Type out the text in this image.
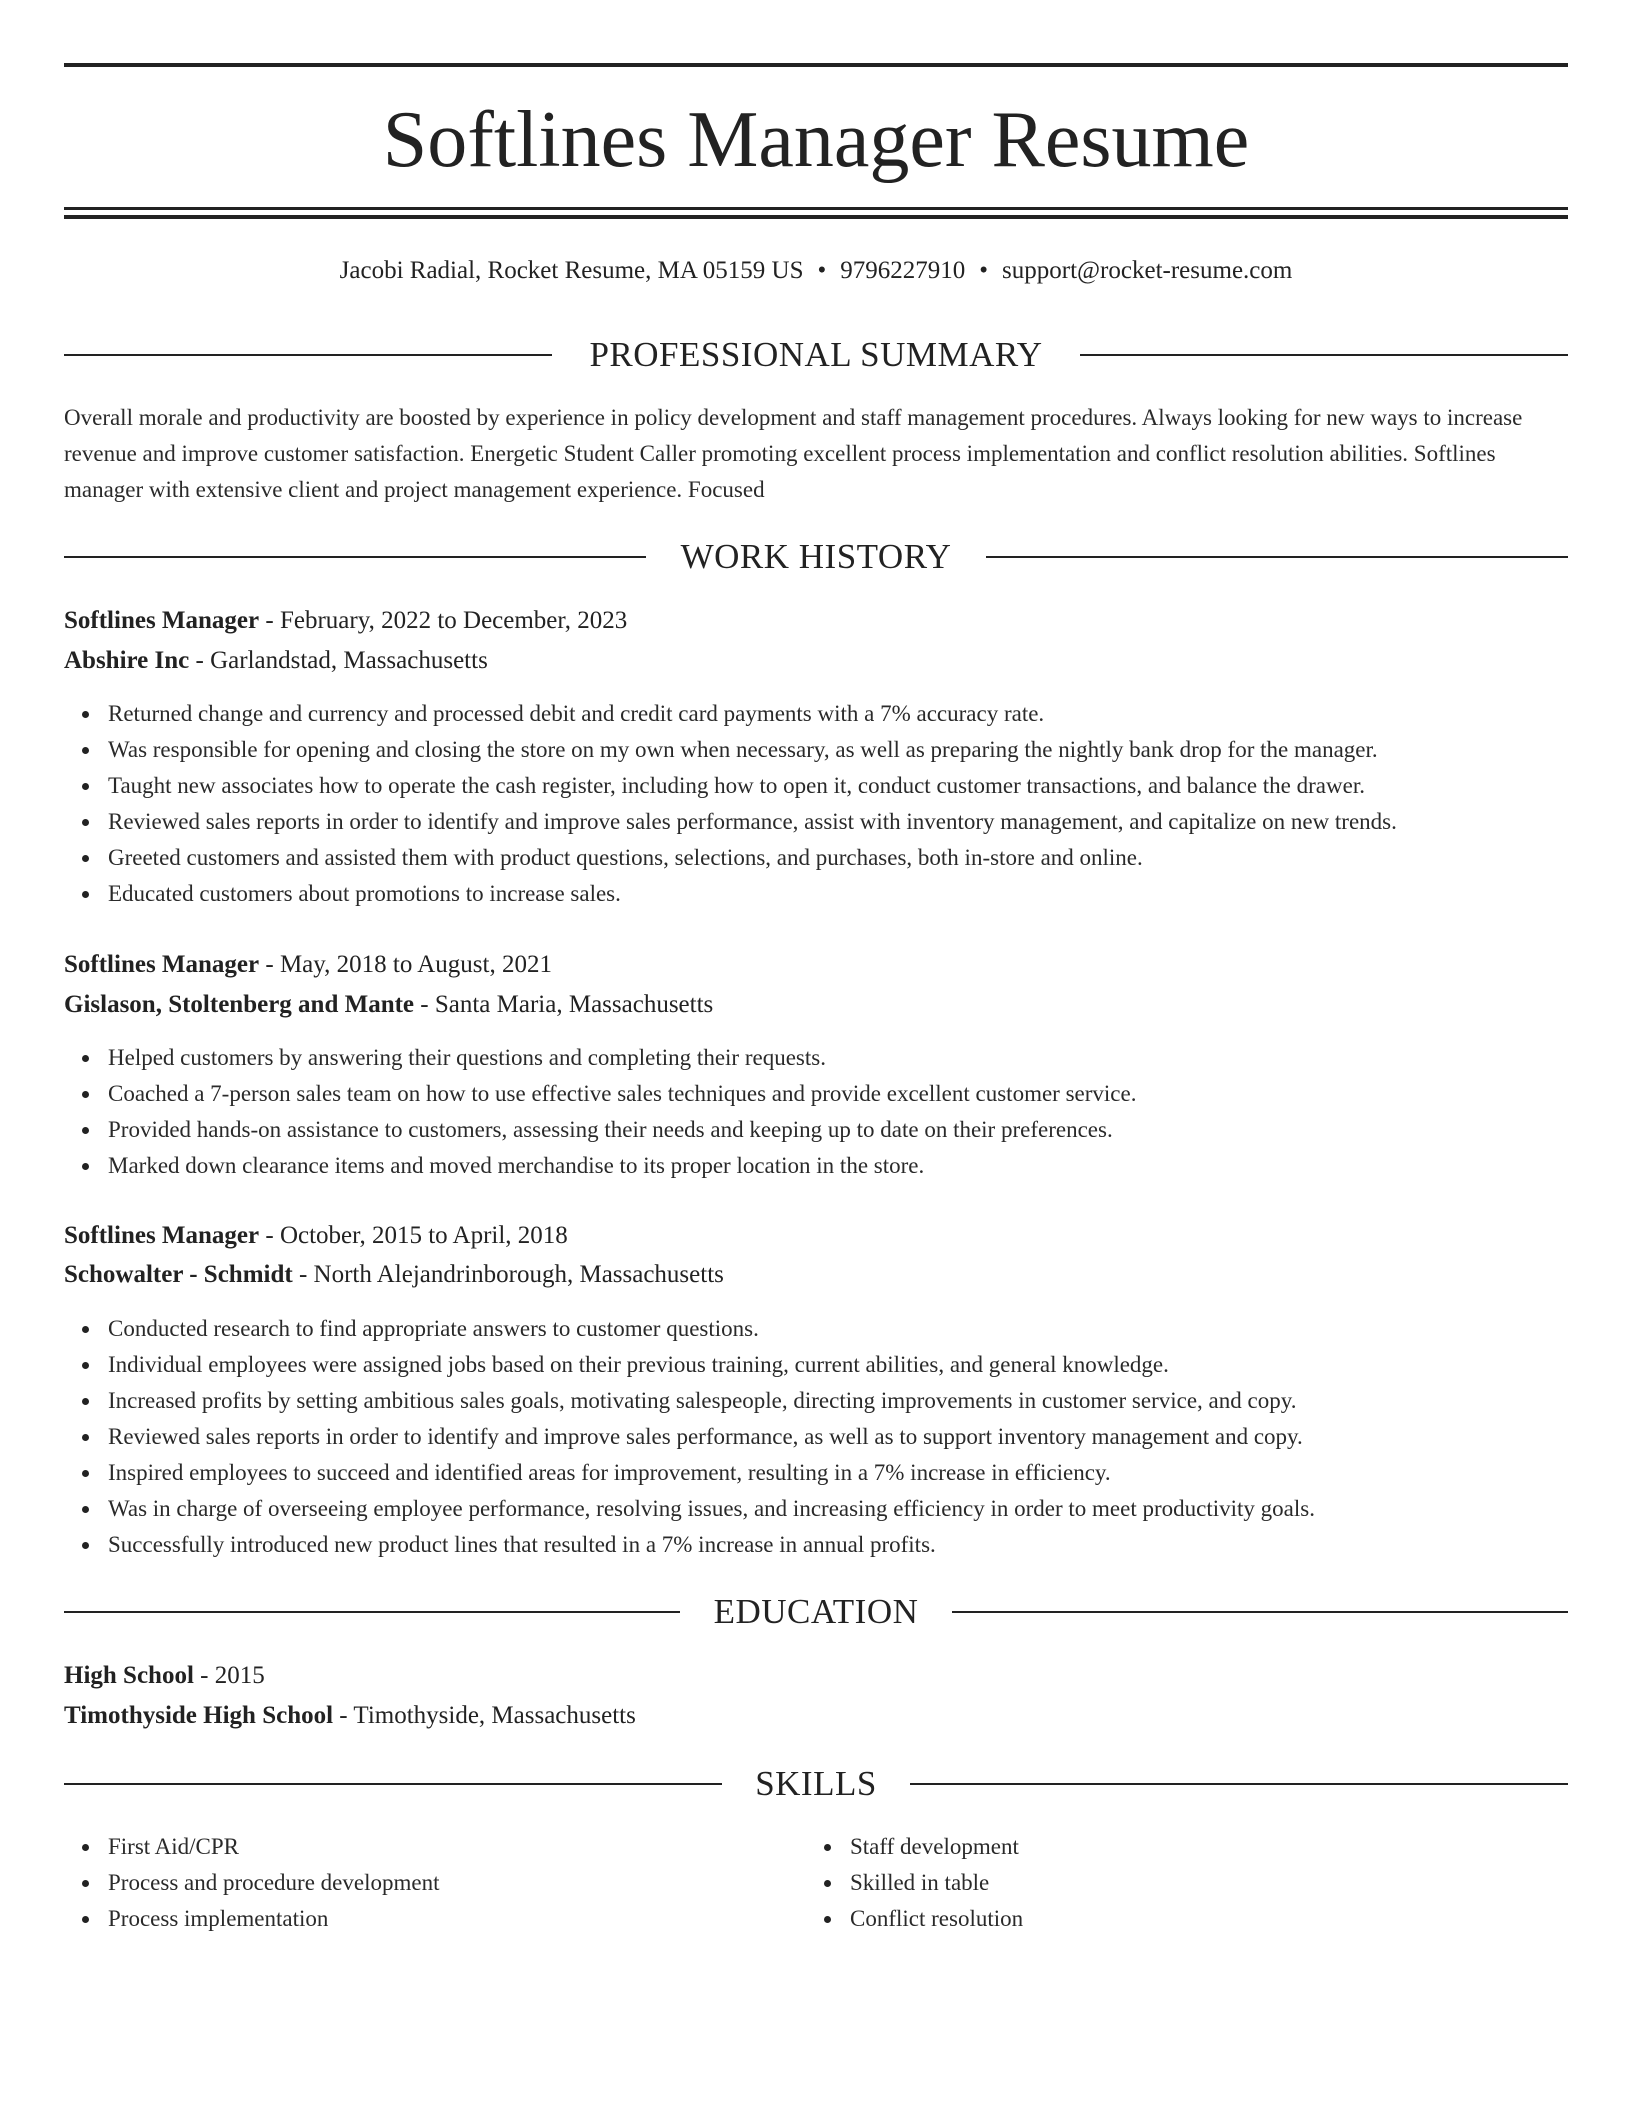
Softlines Manager Resume
Jacobi Radial, Rocket Resume, MA 05159 US • 9796227910 • support@rocket-resume.com
PROFESSIONAL SUMMARY
Overall morale and productivity are boosted by experience in policy development and staff management procedures. Always looking for new ways to increase revenue and improve customer satisfaction. Energetic Student Caller promoting excellent process implementation and conflict resolution abilities. Softlines manager with extensive client and project management experience. Focused
WORK HISTORY
Softlines Manager - February, 2022 to December, 2023
Abshire Inc - Garlandstad, Massachusetts
Returned change and currency and processed debit and credit card payments with a 7% accuracy rate.
Was responsible for opening and closing the store on my own when necessary, as well as preparing the nightly bank drop for the manager.
Taught new associates how to operate the cash register, including how to open it, conduct customer transactions, and balance the drawer.
Reviewed sales reports in order to identify and improve sales performance, assist with inventory management, and capitalize on new trends.
Greeted customers and assisted them with product questions, selections, and purchases, both in-store and online.
Educated customers about promotions to increase sales.
Softlines Manager - May, 2018 to August, 2021
Gislason, Stoltenberg and Mante - Santa Maria, Massachusetts
Helped customers by answering their questions and completing their requests.
Coached a 7-person sales team on how to use effective sales techniques and provide excellent customer service.
Provided hands-on assistance to customers, assessing their needs and keeping up to date on their preferences.
Marked down clearance items and moved merchandise to its proper location in the store.
Softlines Manager - October, 2015 to April, 2018
Schowalter - Schmidt - North Alejandrinborough, Massachusetts
Conducted research to find appropriate answers to customer questions.
Individual employees were assigned jobs based on their previous training, current abilities, and general knowledge.
Increased profits by setting ambitious sales goals, motivating salespeople, directing improvements in customer service, and copy.
Reviewed sales reports in order to identify and improve sales performance, as well as to support inventory management and copy.
Inspired employees to succeed and identified areas for improvement, resulting in a 7% increase in efficiency.
Was in charge of overseeing employee performance, resolving issues, and increasing efficiency in order to meet productivity goals.
Successfully introduced new product lines that resulted in a 7% increase in annual profits.
EDUCATION
High School - 2015
Timothyside High School - Timothyside, Massachusetts
SKILLS
First Aid/CPR
Process and procedure development
Process implementation
Staff development
Skilled in table
Conflict resolution
